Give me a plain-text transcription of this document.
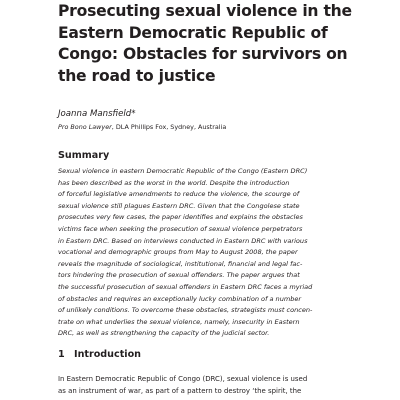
Prosecuting sexual violence in the
Eastern Democratic Republic of
Congo: Obstacles for survivors on
the road to justice

Joanna Mansfield*

Pro Bono Lawyer, DLA Phillips Fox, Sydney, Australia

Summary
Sexual violence in eastern Democratic Republic of the Congo (Eastern DRC)
has been described as the worst in the world. Despite the introduction
of forceful legislative amendments to reduce the violence, the scourge of
sexual violence still plagues Eastern DRC. Given that the Congolese state
prosecutes very few cases, the paper identifies and explains the obstacles
victims face when seeking the prosecution of sexual violence perpetrators
in Eastern DRC. Based on interviews conducted in Eastern DRC with various
vocational and demographic groups from May to August 2008, the paper
reveals the magnitude of sociological, institutional, financial and legal fac-
tors hindering the prosecution of sexual offenders. The paper argues that
the successful prosecution of sexual offenders in Eastern DRC faces a myriad
of obstacles and requires an exceptionally lucky combination of a number
of unlikely conditions. To overcome these obstacles, strategists must concen-
trate on what underlies the sexual violence, namely, insecurity in Eastern
DRC, as well as strengthening the capacity of the judicial sector.
1 Introduction
In Eastern Democratic Republic of Congo (DRC), sexual violence is used
as an instrument of war, as part of a pattern to destroy ‘the spirit, the
